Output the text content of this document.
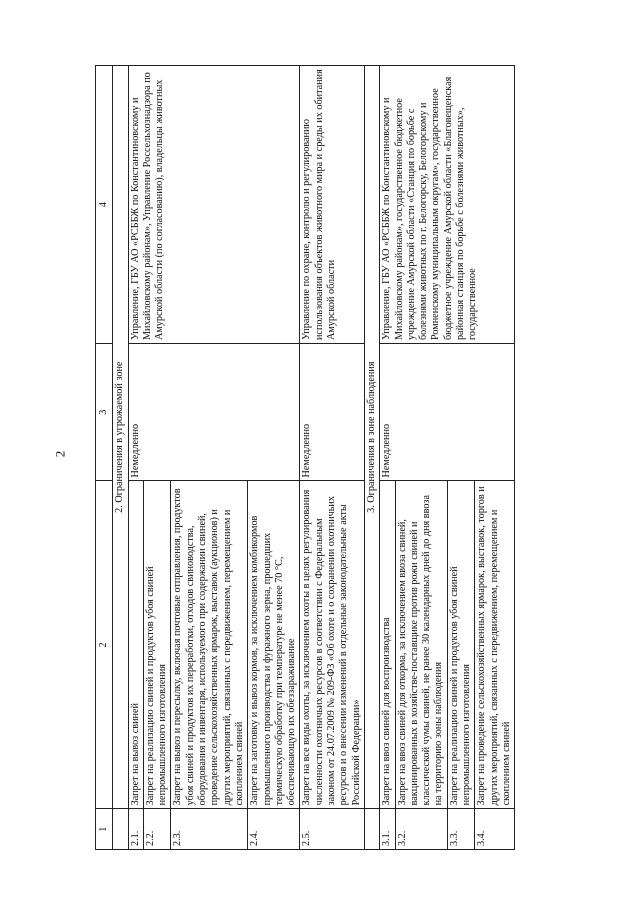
2
1	2	3	4
	2. Ограничения в угрожаемой зоне		
2.1.	Запрет на вывоз свиней	Немедленно	Управление, ГБУ АО «РСББЖ по Константиновскому и Михайловскому районам», Управление Россельхознадзора по Амурской области (по согласованию), владельцы животных
2.2.	Запрет на реализацию свиней и продуктов убоя свиней непромышленного изготовления		
2.3.	Запрет на вывоз и пересылку, включая почтовые отправления, продуктов убоя свиней и продуктов их переработки, отходов свиноводства, оборудования и инвентаря, используемого при содержании свиней, проведение сельскохозяйственных ярмарок, выставок (аукционов) и других мероприятий, связанных с передвижением, перемещением и скоплением свиней		
2.4.	Запрет на заготовку и вывоз кормов, за исключением комбикормов промышленного производства и фуражного зерна, прошедших термическую обработку при температуре не менее 70 °С, обеспечивающую их обеззараживание		
2.5.	Запрет на все виды охоты, за исключением охоты в целях регулирования численности охотничьих ресурсов в соответствии с Федеральным законом от 24.07.2009 № 209-ФЗ «Об охоте и о сохранении охотничьих ресурсов и о внесении изменений в отдельные законодательные акты Российской Федерации»	Немедленно	Управление по охране, контролю и регулированию использования объектов животного мира и среды их обитания Амурской области
	3. Ограничения в зоне наблюдения		
3.1.	Запрет на ввоз свиней для воспроизводства	Немедленно	Управление, ГБУ АО «РСББЖ по Константиновскому и Михайловскому районам», государственное бюджетное учреждение Амурской области «Станция по борьбе с болезнями животных по г. Белогорску, Белогорскому и Ромненскому муниципальным округам», государственное бюджетное учреждение Амурской области «Благовещенская районная станция по борьбе с болезнями животных», государственное
3.2.	Запрет на ввоз свиней для откорма, за исключением ввоза свиней, вакцинированных в хозяйстве-поставщике против рожи свиней и классической чумы свиней, не ранее 30 календарных дней до дня ввоза на территорию зоны наблюдения		
3.3.	Запрет на реализацию свиней и продуктов убоя свиней непромышленного изготовления		
3.4.	Запрет на проведение сельскохозяйственных ярмарок, выставок, торгов и других мероприятий, связанных с передвижением, перемещением и скоплением свиней		
